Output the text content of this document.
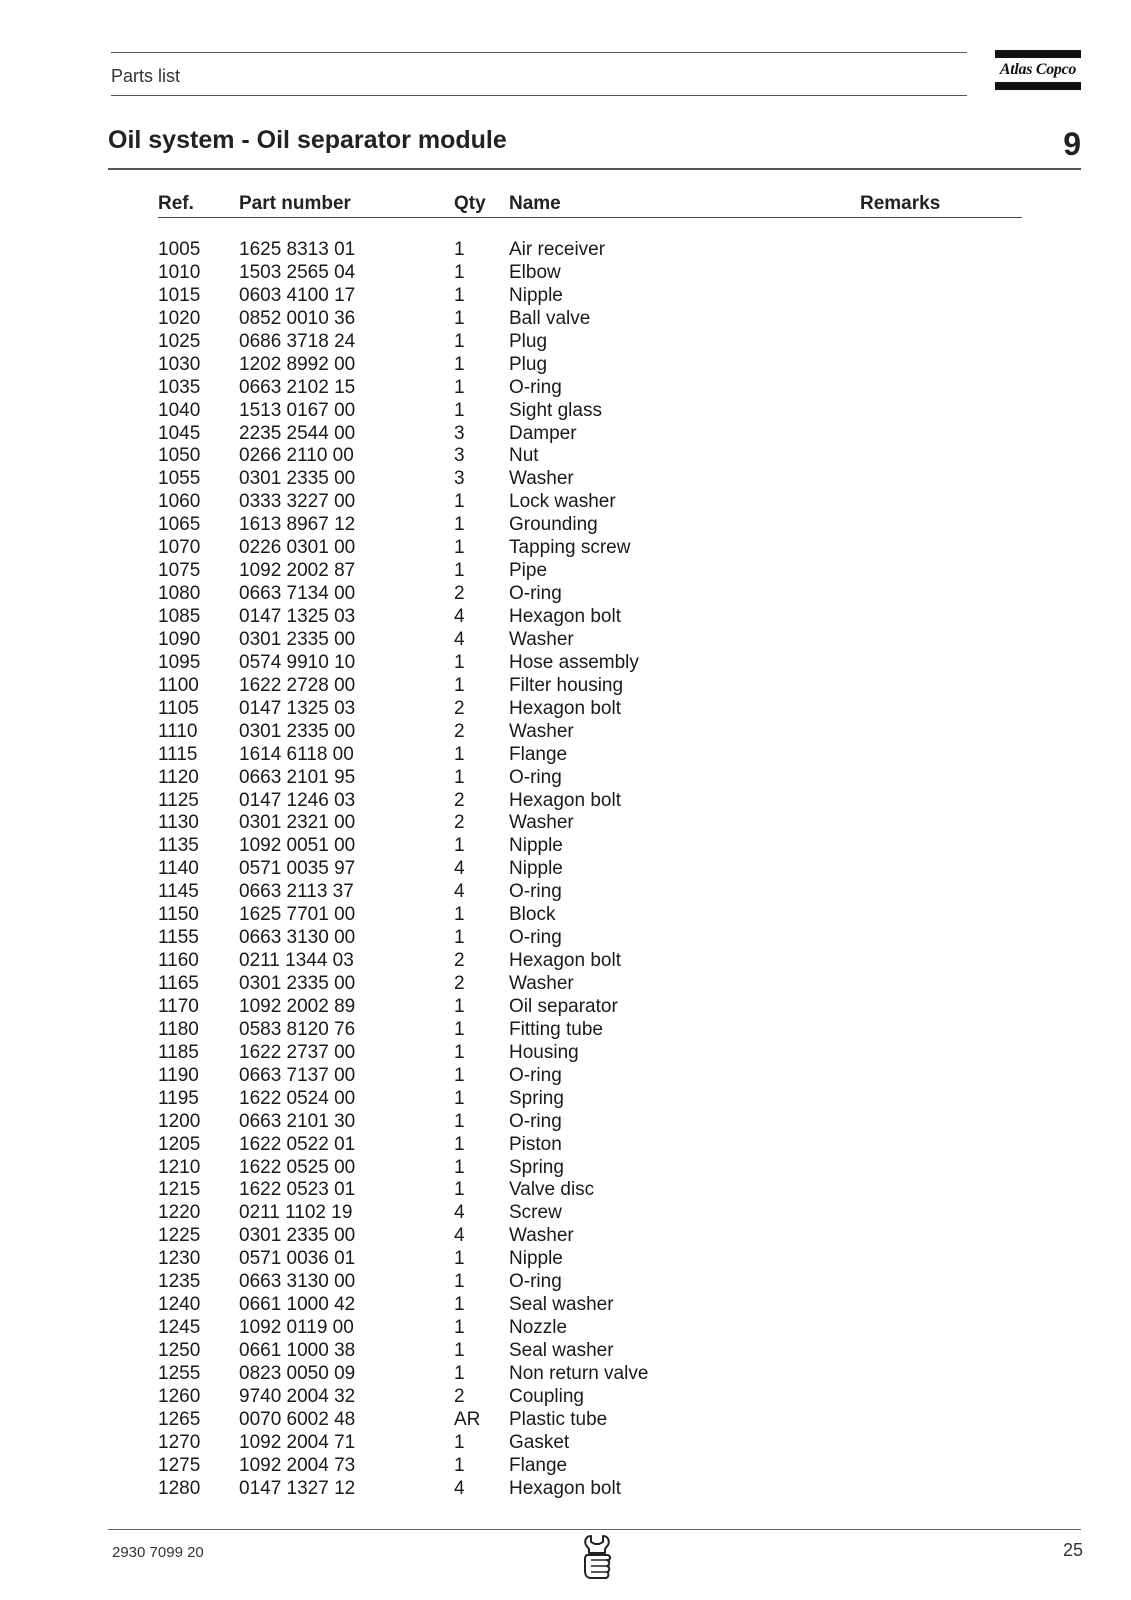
Parts list	Atlas Copco
Oil system - Oil separator module	9
Ref. Part number	Qty Name	Remarks
1005 1625 8313 01	1 Air receiver
1010 1503 2565 04	1 Elbow
1015 0603 4100 17	1 Nipple
1020 0852 0010 36	1 Ball valve
1025 0686 3718 24	1 Plug
1030 1202 8992 00	1 Plug
1035 0663 2102 15	1 O-ring
1040 1513 0167 00	1 Sight glass
1045 2235 2544 00	3 Damper
1050 0266 2110 00	3 Nut
1055 0301 2335 00	3 Washer
1060 0333 3227 00	1 Lock washer
1065 1613 8967 12	1 Grounding
1070 0226 0301 00	1 Tapping screw
1075 1092 2002 87	1 Pipe
1080 0663 7134 00	2 O-ring
1085 0147 1325 03	4 Hexagon bolt
1090 0301 2335 00	4 Washer
1095 0574 9910 10	1 Hose assembly
1100 1622 2728 00	1 Filter housing
1105 0147 1325 03	2 Hexagon bolt
1110 0301 2335 00	2 Washer
1115 1614 6118 00	1 Flange
1120 0663 2101 95	1 O-ring
1125 0147 1246 03	2 Hexagon bolt
1130 0301 2321 00	2 Washer
1135 1092 0051 00	1 Nipple
1140 0571 0035 97	4 Nipple
1145 0663 2113 37	4 O-ring
1150 1625 7701 00	1 Block
1155 0663 3130 00	1 O-ring
1160 0211 1344 03	2 Hexagon bolt
1165 0301 2335 00	2 Washer
1170 1092 2002 89	1 Oil separator
1180 0583 8120 76	1 Fitting tube
1185 1622 2737 00	1 Housing
1190 0663 7137 00	1 O-ring
1195 1622 0524 00	1 Spring
1200 0663 2101 30	1 O-ring
1205 1622 0522 01	1 Piston
1210 1622 0525 00	1 Spring
1215 1622 0523 01	1 Valve disc
1220 0211 1102 19	4 Screw
1225 0301 2335 00	4 Washer
1230 0571 0036 01	1 Nipple
1235 0663 3130 00	1 O-ring
1240 0661 1000 42	1 Seal washer
1245 1092 0119 00	1 Nozzle
1250 0661 1000 38	1 Seal washer
1255 0823 0050 09	1 Non return valve
1260 9740 2004 32	2 Coupling
1265 0070 6002 48	AR Plastic tube
1270 1092 2004 71	1 Gasket
1275 1092 2004 73	1 Flange
1280 0147 1327 12	4 Hexagon bolt
2930 7099 20	25
